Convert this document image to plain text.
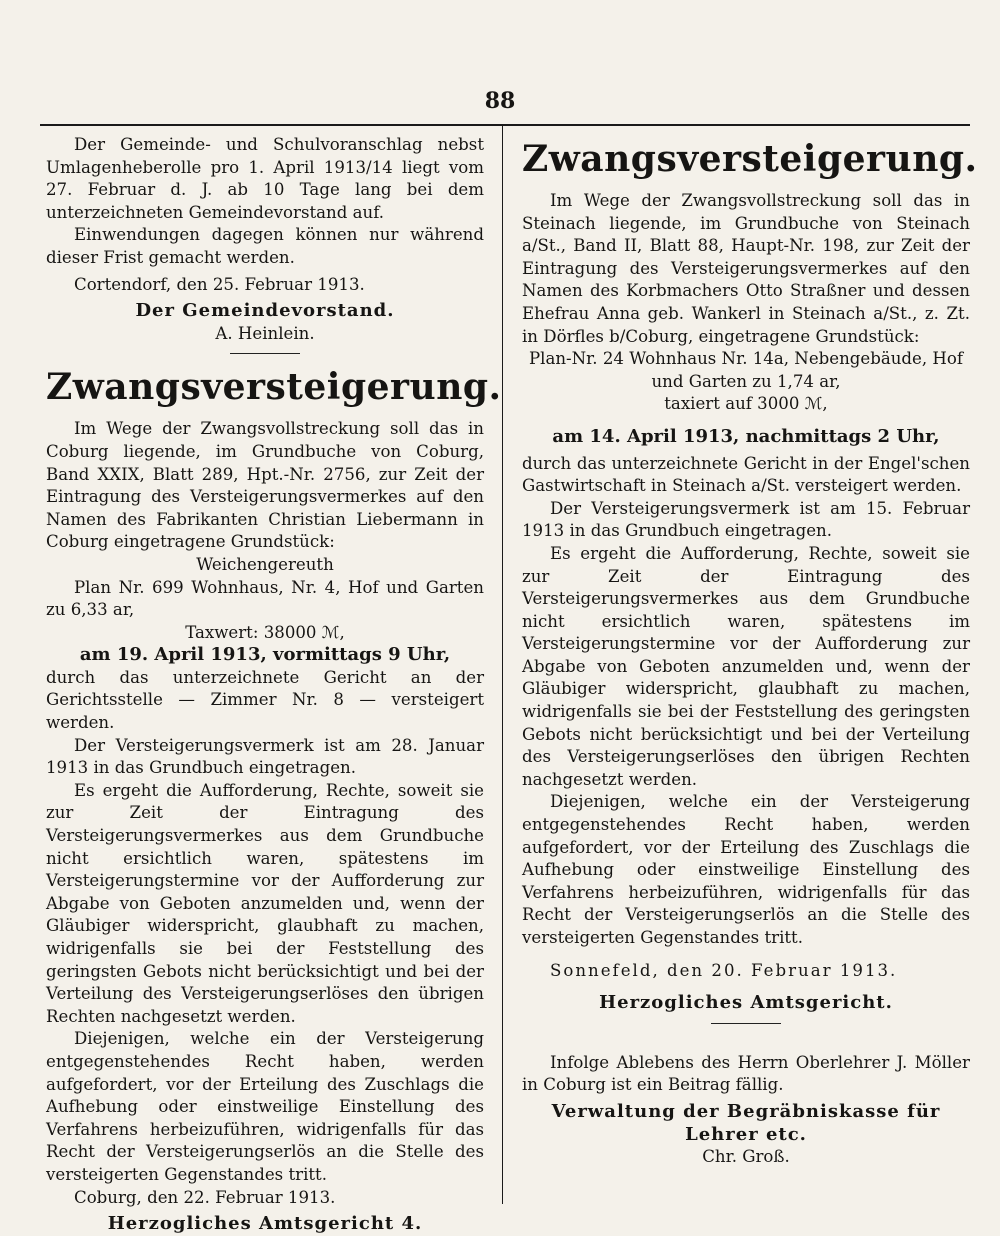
88

Der Gemeinde- und Schulvoranschlag nebst Umlagenheberolle pro 1. April 1913/14 liegt vom 27. Februar d. J. ab 10 Tage lang bei dem unterzeichneten Gemeindevorstand auf.

Einwendungen dagegen können nur während dieser Frist gemacht werden.

Cortendorf, den 25. Februar 1913.

Der Gemeindevorstand.

A. Heinlein.

Zwangsversteigerung.

Im Wege der Zwangsvollstreckung soll das in Coburg liegende, im Grundbuche von Coburg, Band XXIX, Blatt 289, Hpt.-Nr. 2756, zur Zeit der Eintragung des Versteigerungsvermerkes auf den Namen des Fabrikanten Christian Liebermann in Coburg eingetragene Grundstück:

Weichengereuth

Plan Nr. 699 Wohnhaus, Nr. 4, Hof und Garten zu 6,33 ar,

Taxwert: 38000 ℳ,

am 19. April 1913, vormittags 9 Uhr,

durch das unterzeichnete Gericht an der Gerichtsstelle — Zimmer Nr. 8 — versteigert werden.

Der Versteigerungsvermerk ist am 28. Januar 1913 in das Grundbuch eingetragen.

Es ergeht die Aufforderung, Rechte, soweit sie zur Zeit der Eintragung des Versteigerungsvermerkes aus dem Grundbuche nicht ersichtlich waren, spätestens im Versteigerungstermine vor der Aufforderung zur Abgabe von Geboten anzumelden und, wenn der Gläubiger widerspricht, glaubhaft zu machen, widrigenfalls sie bei der Feststellung des geringsten Gebots nicht berücksichtigt und bei der Verteilung des Versteigerungserlöses den übrigen Rechten nachgesetzt werden.

Diejenigen, welche ein der Versteigerung entgegenstehendes Recht haben, werden aufgefordert, vor der Erteilung des Zuschlags die Aufhebung oder einstweilige Einstellung des Verfahrens herbeizuführen, widrigenfalls für das Recht der Versteigerungserlös an die Stelle des versteigerten Gegenstandes tritt.

Coburg, den 22. Februar 1913.

Herzogliches Amtsgericht 4.

Zwangsversteigerung.

Im Wege der Zwangsvollstreckung soll das in Steinach liegende, im Grundbuche von Steinach a/St., Band II, Blatt 88, Haupt-Nr. 198, zur Zeit der Eintragung des Versteigerungsvermerkes auf den Namen des Korbmachers Otto Straßner und dessen Ehefrau Anna geb. Wankerl in Steinach a/St., z. Zt. in Dörfles b/Coburg, eingetragene Grundstück:

Plan-Nr. 24 Wohnhaus Nr. 14a, Nebengebäude, Hof und Garten zu 1,74 ar,

taxiert auf 3000 ℳ,

am 14. April 1913, nachmittags 2 Uhr,

durch das unterzeichnete Gericht in der Engel'schen Gastwirtschaft in Steinach a/St. versteigert werden.

Der Versteigerungsvermerk ist am 15. Februar 1913 in das Grundbuch eingetragen.

Es ergeht die Aufforderung, Rechte, soweit sie zur Zeit der Eintragung des Versteigerungsvermerkes aus dem Grundbuche nicht ersichtlich waren, spätestens im Versteigerungstermine vor der Aufforderung zur Abgabe von Geboten anzumelden und, wenn der Gläubiger widerspricht, glaubhaft zu machen, widrigenfalls sie bei der Feststellung des geringsten Gebots nicht berücksichtigt und bei der Verteilung des Versteigerungserlöses den übrigen Rechten nachgesetzt werden.

Diejenigen, welche ein der Versteigerung entgegenstehendes Recht haben, werden aufgefordert, vor der Erteilung des Zuschlags die Aufhebung oder einstweilige Einstellung des Verfahrens herbeizuführen, widrigenfalls für das Recht der Versteigerungserlös an die Stelle des versteigerten Gegenstandes tritt.

Sonnefeld, den 20. Februar 1913.

Herzogliches Amtsgericht.

Infolge Ablebens des Herrn Oberlehrer J. Möller in Coburg ist ein Beitrag fällig.

Verwaltung der Begräbniskasse für Lehrer etc.

Chr. Groß.
